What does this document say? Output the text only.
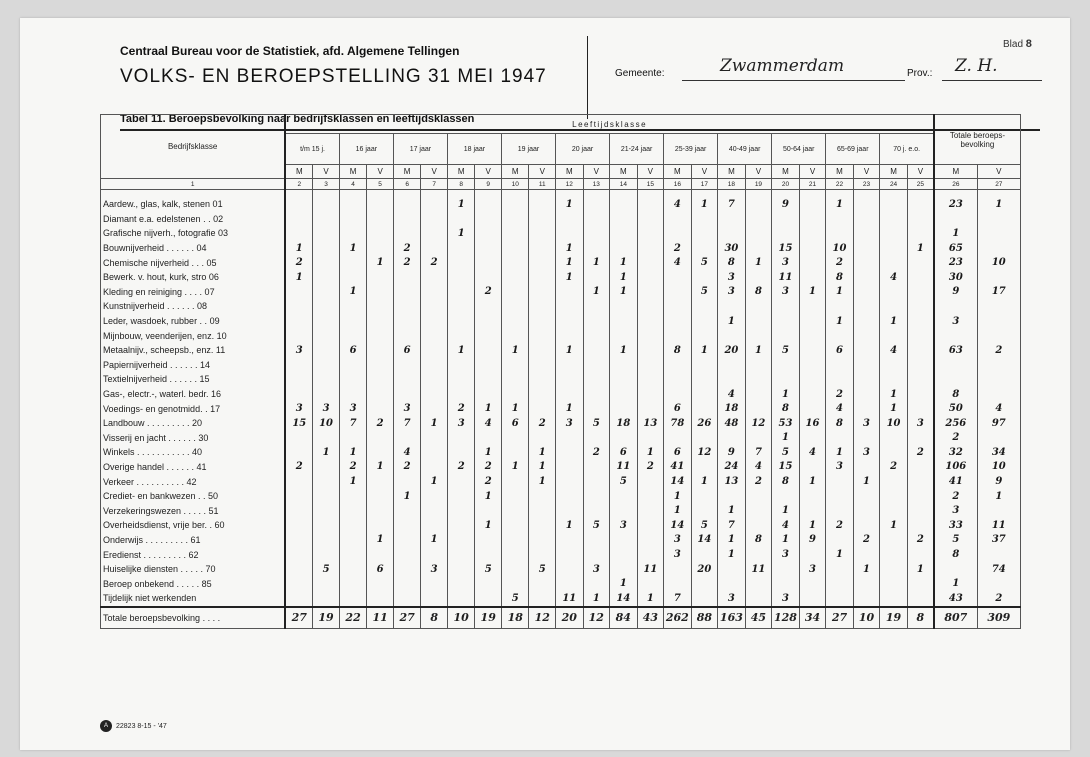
Centraal Bureau voor de Statistiek, afd. Algemene Tellingen
VOLKS- EN BEROEPSTELLING 31 MEI 1947	Gemeente:	Zwammerdam	Prov.: Z. H.
Blad 8
Tabel 11. Beroepsbevolking naar bedrijfsklassen en leeftijdsklassen
Bedrijfsklasse	Leeftijdsklasse																								Totale beroeps-bevolking	
	t/m 15 j.		16 jaar		17 jaar		18 jaar		19 jaar		20 jaar		21-24 jaar		25-39 jaar		40-49 jaar		50-64 jaar		65-69 jaar		70 j. e.o.			
	M	V	M	V	M	V	M	V	M	V	M	V	M	V	M	V	M	V	M	V	M	V	M	V	M	V
1	2	3	4	5	6	7	8	9	10	11	12	13	14	15	16	17	18	19	20	21	22	23	24	25	26	27

Aardew., glas, kalk, stenen 01							1				1				4	1	7		9		1				23	1
Diamant e.a. edelstenen . . 02																										
Grafische nijverh., fotografie 03							1																		1	
Bouwnijverheid . . . . . . 04	1		1		2						1				2		30		15		10			1	65	
Chemische nijverheid . . . 05	2			1	2	2					1	1	1		4	5	8	1	3		2				23	10
Bewerk. v. hout, kurk, stro 06	1										1		1				3		11		8		4		30	
Kleding en reiniging . . . . 07			1					2				1	1			5	3	8	3	1	1				9	17
Kunstnijverheid . . . . . . 08																										
Leder, wasdoek, rubber . . 09																	1				1		1		3	
Mijnbouw, veenderijen, enz. 10																										
Metaalnijv., scheepsb., enz. 11	3		6		6		1		1		1		1		8	1	20	1	5		6		4		63	2
Papiernijverheid . . . . . . 14																										
Textielnijverheid . . . . . . 15																										
Gas-, electr.-, waterl. bedr. 16																	4		1		2		1		8	
Voedings- en genotmidd. . 17	3	3	3		3		2	1	1		1				6		18		8		4		1		50	4
Landbouw . . . . . . . . . 20	15	10	7	2	7	1	3	4	6	2	3	5	18	13	78	26	48	12	53	16	8	3	10	3	256	97
Visserij en jacht . . . . . . 30																			1						2	
Winkels . . . . . . . . . . . 40		1	1		4			1		1		2	6	1	6	12	9	7	5	4	1	3		2	32	34
Overige handel . . . . . . 41	2		2	1	2		2	2	1	1			11	2	41		24	4	15		3		2		106	10
Verkeer . . . . . . . . . . 42			1			1		2		1			5		14	1	13	2	8	1		1			41	9
Crediet- en bankwezen . . 50					1			1							1										2	1
Verzekeringswezen . . . . . 51															1		1		1						3	
Overheidsdienst, vrije ber. . 60								1			1	5	3		14	5	7		4	1	2		1		33	11
Onderwijs . . . . . . . . . 61				1		1									3	14	1	8	1	9		2		2	5	37
Eredienst . . . . . . . . . 62															3		1		3		1				8	
Huiselijke diensten . . . . . 70		5		6		3		5		5		3		11		20		11		3		1		1		74
Beroep onbekend . . . . . 85													1												1	
Tijdelijk niet werkenden									5		11	1	14	1	7		3		3						43	2
Totale beroepsbevolking . . . .	27	19	22	11	27	8	10	19	18	12	20	12	84	43	262	88	163	45	128	34	27	10	19	8	807	309
A	22823 8-15 - '47
